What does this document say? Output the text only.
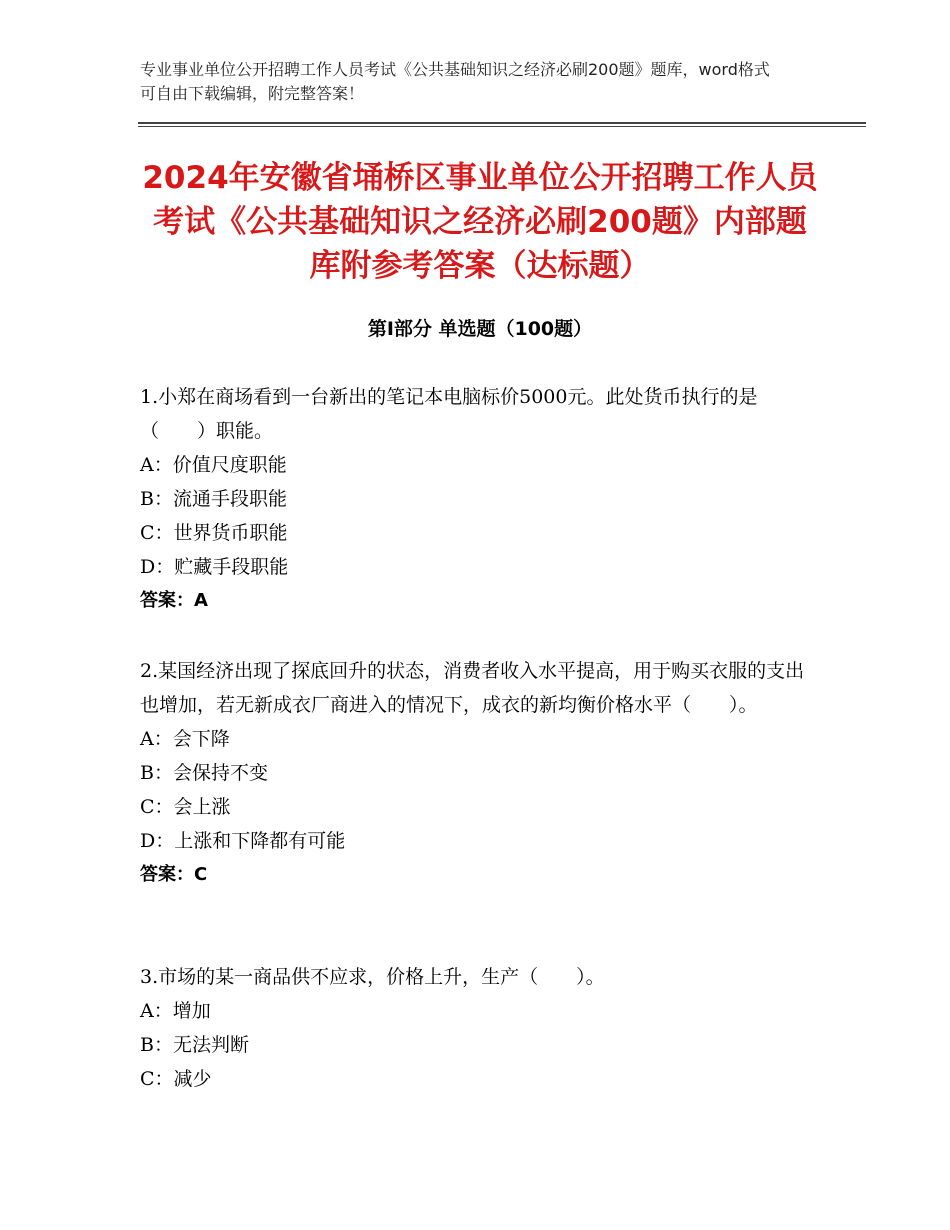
专业事业单位公开招聘工作人员考试《公共基础知识之经济必刷200题》题库，word格式可自由下载编辑，附完整答案！
2024年安徽省埇桥区事业单位公开招聘工作人员考试《公共基础知识之经济必刷200题》内部题库附参考答案（达标题）
第I部分 单选题（100题）
1.小郑在商场看到一台新出的笔记本电脑标价5000元。此处货币执行的是（　　）职能。
A：价值尺度职能
B：流通手段职能
C：世界货币职能
D：贮藏手段职能
答案：A
2.某国经济出现了探底回升的状态，消费者收入水平提高，用于购买衣服的支出也增加，若无新成衣厂商进入的情况下，成衣的新均衡价格水平（　　）。
A：会下降
B：会保持不变
C：会上涨
D：上涨和下降都有可能
答案：C
3.市场的某一商品供不应求，价格上升，生产（　　）。
A：增加
B：无法判断
C：减少
